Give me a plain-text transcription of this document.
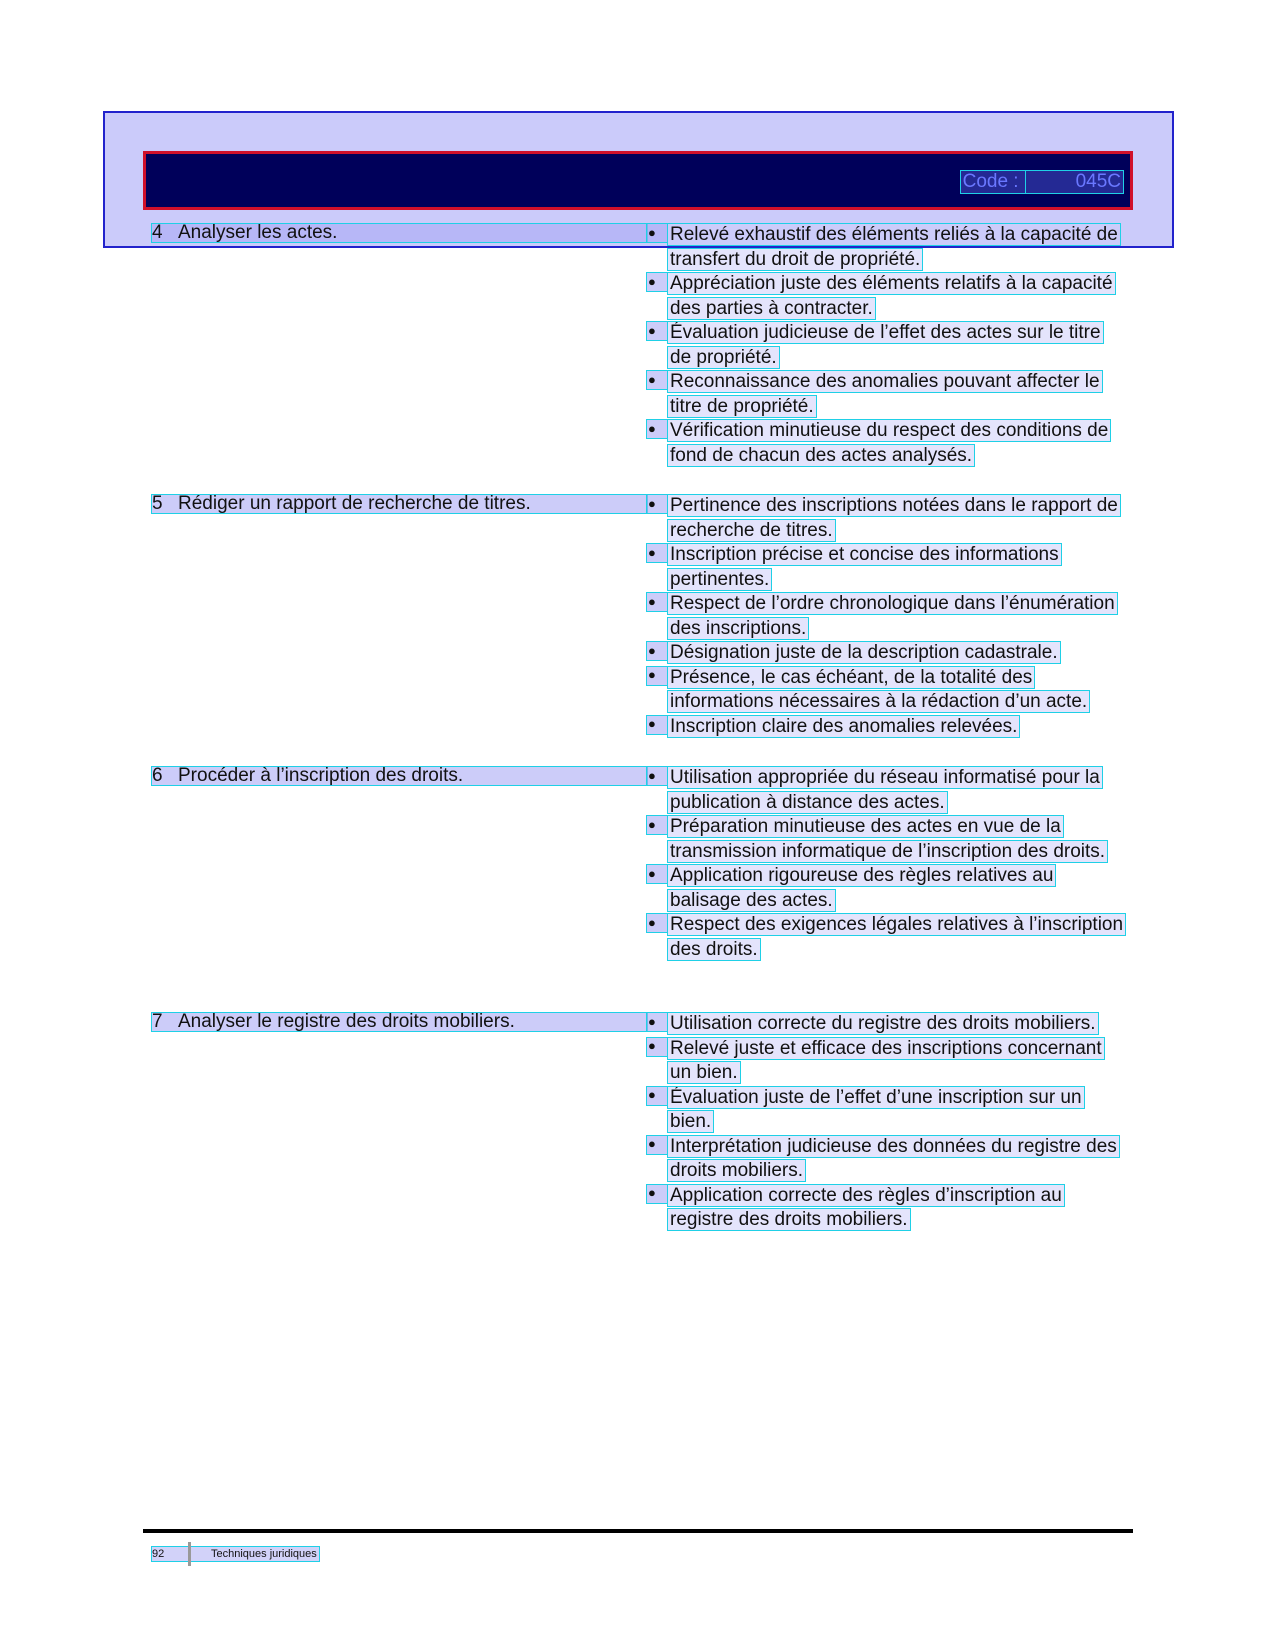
Code :	045C
4 Analyser les actes.	● Relevé exhaustif des éléments reliés à la capacité de transfert du droit de propriété.
● Appréciation juste des éléments relatifs à la capacité des parties à contracter.
● Évaluation judicieuse de l’effet des actes sur le titre de propriété.
● Reconnaissance des anomalies pouvant affecter le titre de propriété.
● Vérification minutieuse du respect des conditions de fond de chacun des actes analysés.
5 Rédiger un rapport de recherche de titres.	● Pertinence des inscriptions notées dans le rapport de recherche de titres.
● Inscription précise et concise des informations pertinentes.
● Respect de l’ordre chronologique dans l’énumération des inscriptions.
● Désignation juste de la description cadastrale.
● Présence, le cas échéant, de la totalité des informations nécessaires à la rédaction d’un acte.
● Inscription claire des anomalies relevées.
6 Procéder à l’inscription des droits.	● Utilisation appropriée du réseau informatisé pour la publication à distance des actes.
● Préparation minutieuse des actes en vue de la transmission informatique de l’inscription des droits.
● Application rigoureuse des règles relatives au balisage des actes.
● Respect des exigences légales relatives à l’inscription des droits.
7 Analyser le registre des droits mobiliers.	● Utilisation correcte du registre des droits mobiliers.
● Relevé juste et efficace des inscriptions concernant un bien.
● Évaluation juste de l’effet d’une inscription sur un bien.
● Interprétation judicieuse des données du registre des droits mobiliers.
● Application correcte des règles d’inscription au registre des droits mobiliers.
92	Techniques juridiques
